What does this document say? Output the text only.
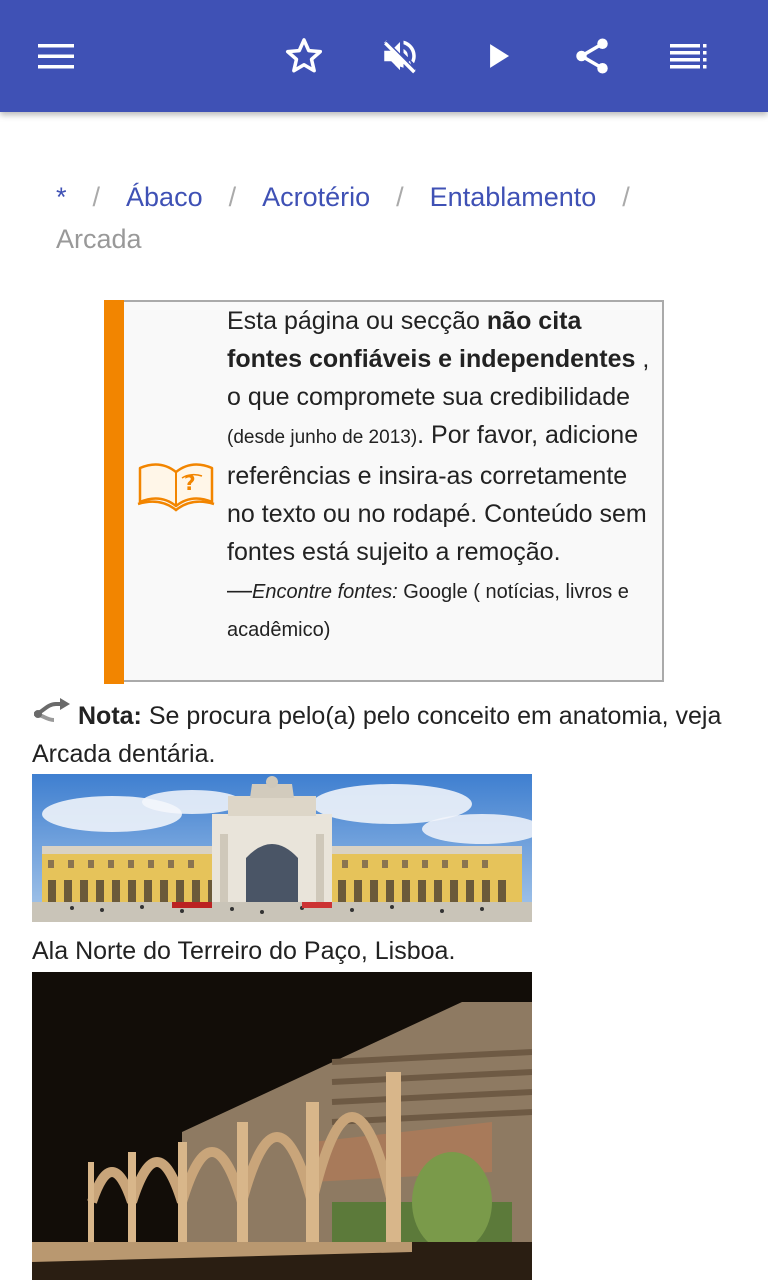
* / Ábaco / Acrotério / Entablamento /
Arcada
?
Esta página ou secção não cita fontes confiáveis e independentes , o que compromete sua credibilidade (desde junho de 2013). Por favor, adicione referências e insira-as corretamente no texto ou no rodapé. Conteúdo sem fontes está sujeito a remoção.
—Encontre fontes: Google ( notícias, livros e acadêmico)
Nota: Se procura pelo(a) pelo conceito em anatomia, veja Arcada dentária.
Ala Norte do Terreiro do Paço, Lisboa.
